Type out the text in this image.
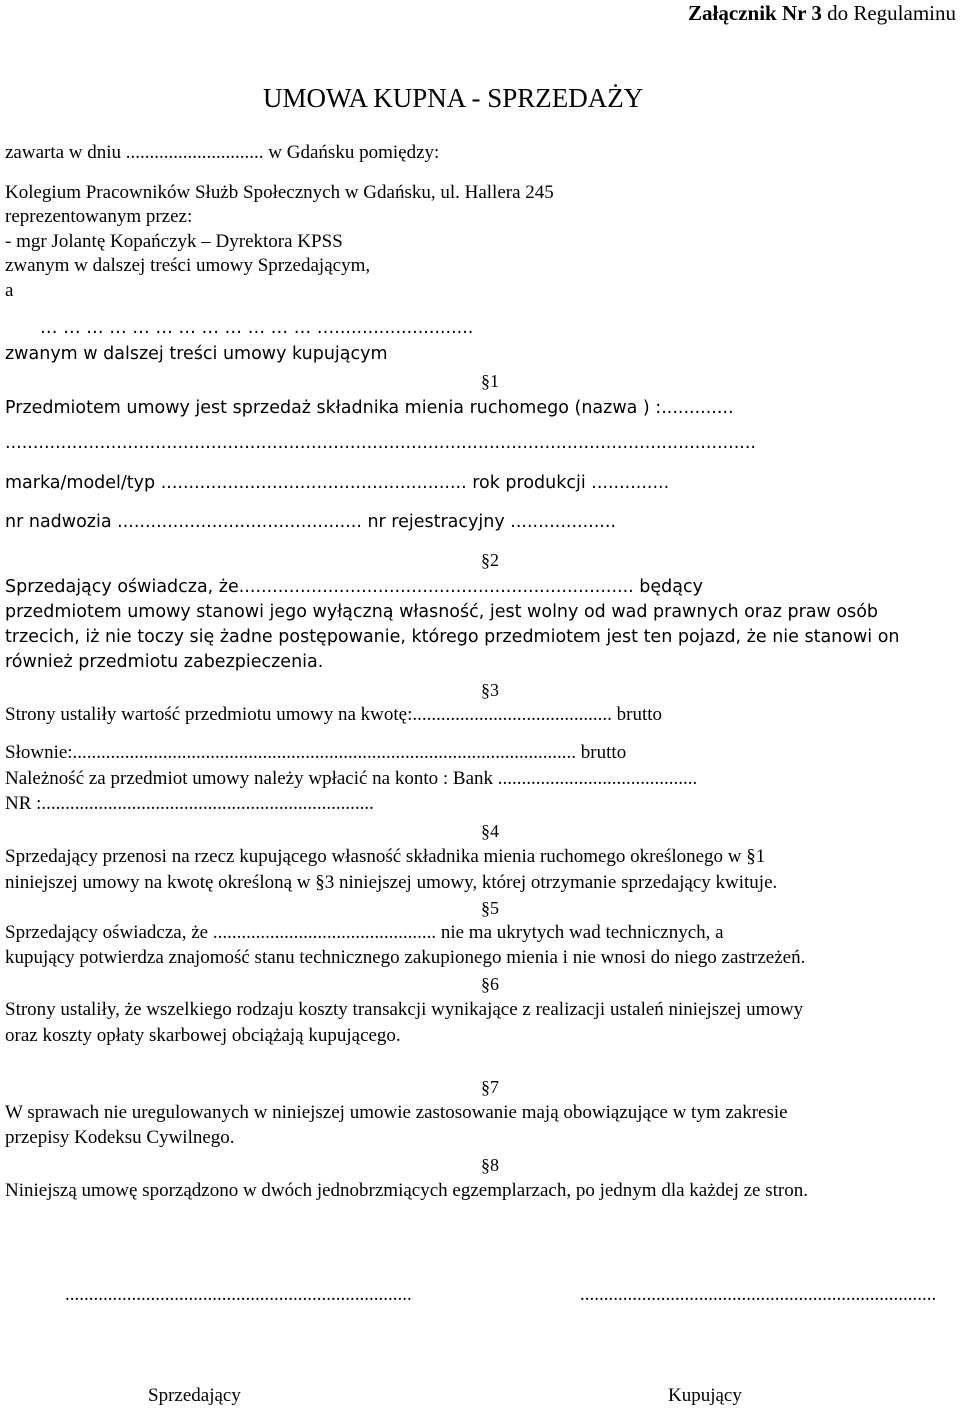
Załącznik Nr 3 do Regulaminu
UMOWA KUPNA - SPRZEDAŻY
zawarta w dniu ............................. w Gdańsku pomiędzy:
Kolegium Pracowników Służb Społecznych w Gdańsku, ul. Hallera 245
reprezentowanym przez:
- mgr Jolantę Kopańczyk – Dyrektora KPSS
zwanym w dalszej treści umowy Sprzedającym,
a
… … … … … … … … … … … … ….........................
zwanym w dalszej treści umowy kupującym
§1
Przedmiotem umowy jest sprzedaż składnika mienia ruchomego (nazwa ) :.............
.......................................................................................................................................
marka/model/typ ....................................................... rok produkcji ..............
nr nadwozia ............................................ nr rejestracyjny ...................
§2
Sprzedający oświadcza, że....................................................................... będący
przedmiotem umowy stanowi jego wyłączną własność, jest wolny od wad prawnych oraz praw osób
trzecich, iż nie toczy się żadne postępowanie, którego przedmiotem jest ten pojazd, że nie stanowi on
również przedmiotu zabezpieczenia.
§3
Strony ustaliły wartość przedmiotu umowy na kwotę:.......................................... brutto
Słownie:.......................................................................................................... brutto
Należność za przedmiot umowy należy wpłacić na konto : Bank ..........................................
NR :......................................................................
§4
Sprzedający przenosi na rzecz kupującego własność składnika mienia ruchomego określonego w §1
niniejszej umowy na kwotę określoną w §3 niniejszej umowy, której otrzymanie sprzedający kwituje.
§5
Sprzedający oświadcza, że ............................................... nie ma ukrytych wad technicznych, a
kupujący potwierdza znajomość stanu technicznego zakupionego mienia i nie wnosi do niego zastrzeżeń.
§6
Strony ustaliły, że wszelkiego rodzaju koszty transakcji wynikające z realizacji ustaleń niniejszej umowy
oraz koszty opłaty skarbowej obciążają kupującego.
§7
W sprawach nie uregulowanych w niniejszej umowie zastosowanie mają obowiązujące w tym zakresie
przepisy Kodeksu Cywilnego.
§8
Niniejszą umowę sporządzono w dwóch jednobrzmiących egzemplarzach, po jednym dla każdej ze stron.
.........................................................................	...........................................................................
Sprzedający	Kupujący
